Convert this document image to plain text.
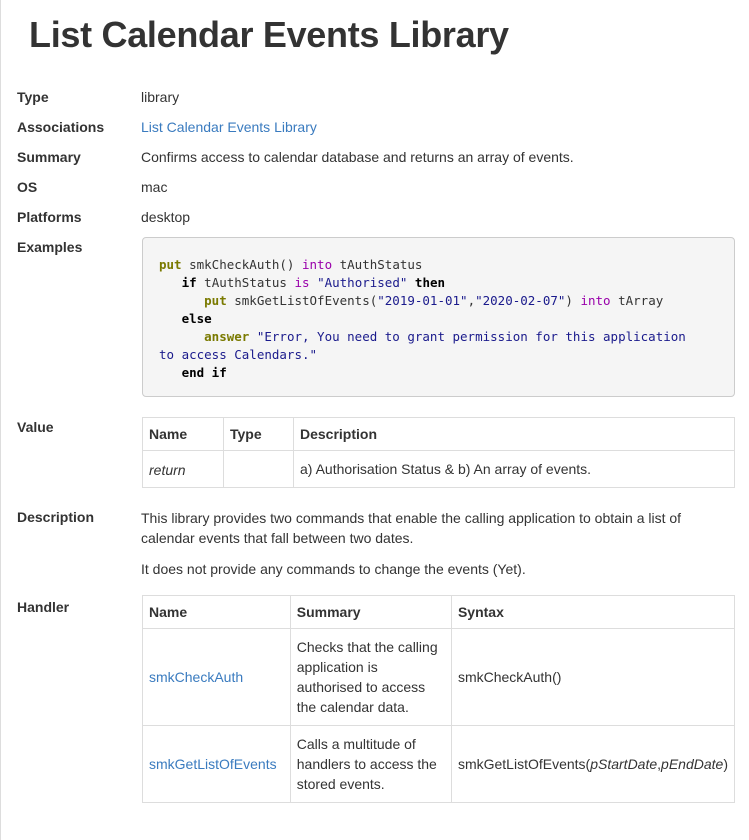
List Calendar Events Library
Type	library
Associations	List Calendar Events Library
Summary	Confirms access to calendar database and returns an array of events.
OS	mac
Platforms	desktop
Examples
put smkCheckAuth() into tAuthStatus
if tAuthStatus is "Authorised" then
put smkGetListOfEvents("2019-01-01","2020-02-07") into tArray
else
answer "Error, You need to grant permission for this application
to access Calendars."
end if
Value	Name	Type	Description
return		a) Authorisation Status & b) An array of events.
Description	This library provides two commands that enable the calling application to obtain a list of calendar events that fall between two dates.

It does not provide any commands to change the events (Yet).

Handler	Name	Summary	Syntax
smkCheckAuth	Checks that the calling application is authorised to access the calendar data.	smkCheckAuth()
smkGetListOfEvents	Calls a multitude of handlers to access the stored events.	smkGetListOfEvents(pStartDate,pEndDate)
